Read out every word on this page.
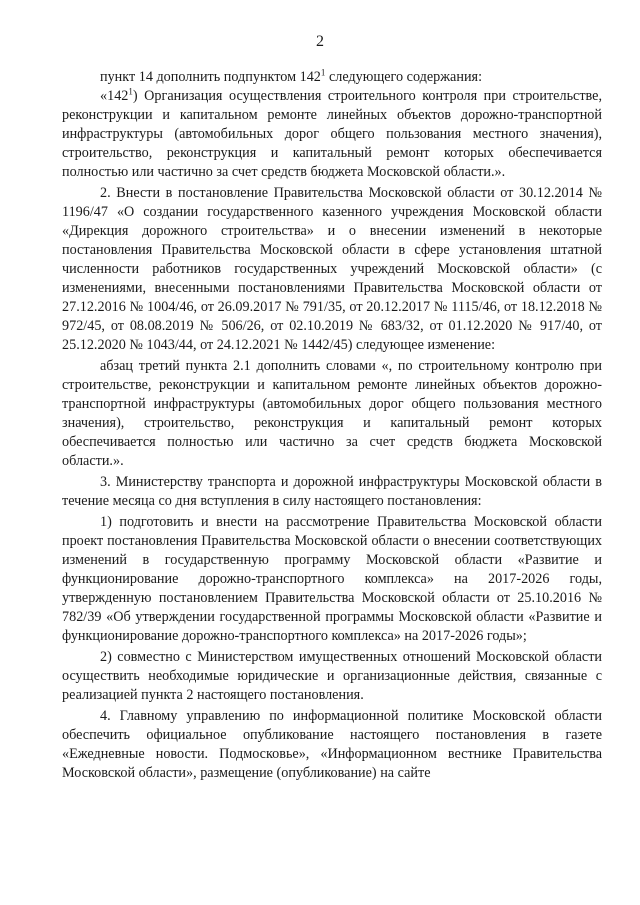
2

пункт 14 дополнить подпунктом $142^1$ следующего содержания:

«$142^1$) Организация осуществления строительного контроля при строительстве, реконструкции и капитальном ремонте линейных объектов дорожно-транспортной инфраструктуры (автомобильных дорог общего пользования местного значения), строительство, реконструкция и капитальный ремонт которых обеспечивается полностью или частично за счет средств бюджета Московской области.».

2. Внести в постановление Правительства Московской области от 30.12.2014 № 1196/47 «О создании государственного казенного учреждения Московской области «Дирекция дорожного строительства» и о внесении изменений в некоторые постановления Правительства Московской области в сфере установления штатной численности работников государственных учреждений Московской области» (с изменениями, внесенными постановлениями Правительства Московской области от 27.12.2016 № 1004/46, от 26.09.2017 № 791/35, от 20.12.2017 № 1115/46, от 18.12.2018 № 972/45, от 08.08.2019 № 506/26, от 02.10.2019 № 683/32, от 01.12.2020 № 917/40, от 25.12.2020 № 1043/44, от 24.12.2021 № 1442/45) следующее изменение:

абзац третий пункта 2.1 дополнить словами «, по строительному контролю при строительстве, реконструкции и капитальном ремонте линейных объектов дорожно-транспортной инфраструктуры (автомобильных дорог общего пользования местного значения), строительство, реконструкция и капитальный ремонт которых обеспечивается полностью или частично за счет средств бюджета Московской области.».

3. Министерству транспорта и дорожной инфраструктуры Московской области в течение месяца со дня вступления в силу настоящего постановления:

1) подготовить и внести на рассмотрение Правительства Московской области проект постановления Правительства Московской области о внесении соответствующих изменений в государственную программу Московской области «Развитие и функционирование дорожно-транспортного комплекса» на 2017-2026 годы, утвержденную постановлением Правительства Московской области от 25.10.2016 № 782/39 «Об утверждении государственной программы Московской области «Развитие и функционирование дорожно-транспортного комплекса» на 2017-2026 годы»;

2) совместно с Министерством имущественных отношений Московской области осуществить необходимые юридические и организационные действия, связанные с реализацией пункта 2 настоящего постановления.

4. Главному управлению по информационной политике Московской области обеспечить официальное опубликование настоящего постановления в газете «Ежедневные новости. Подмосковье», «Информационном вестнике Правительства Московской области», размещение (опубликование) на сайте
